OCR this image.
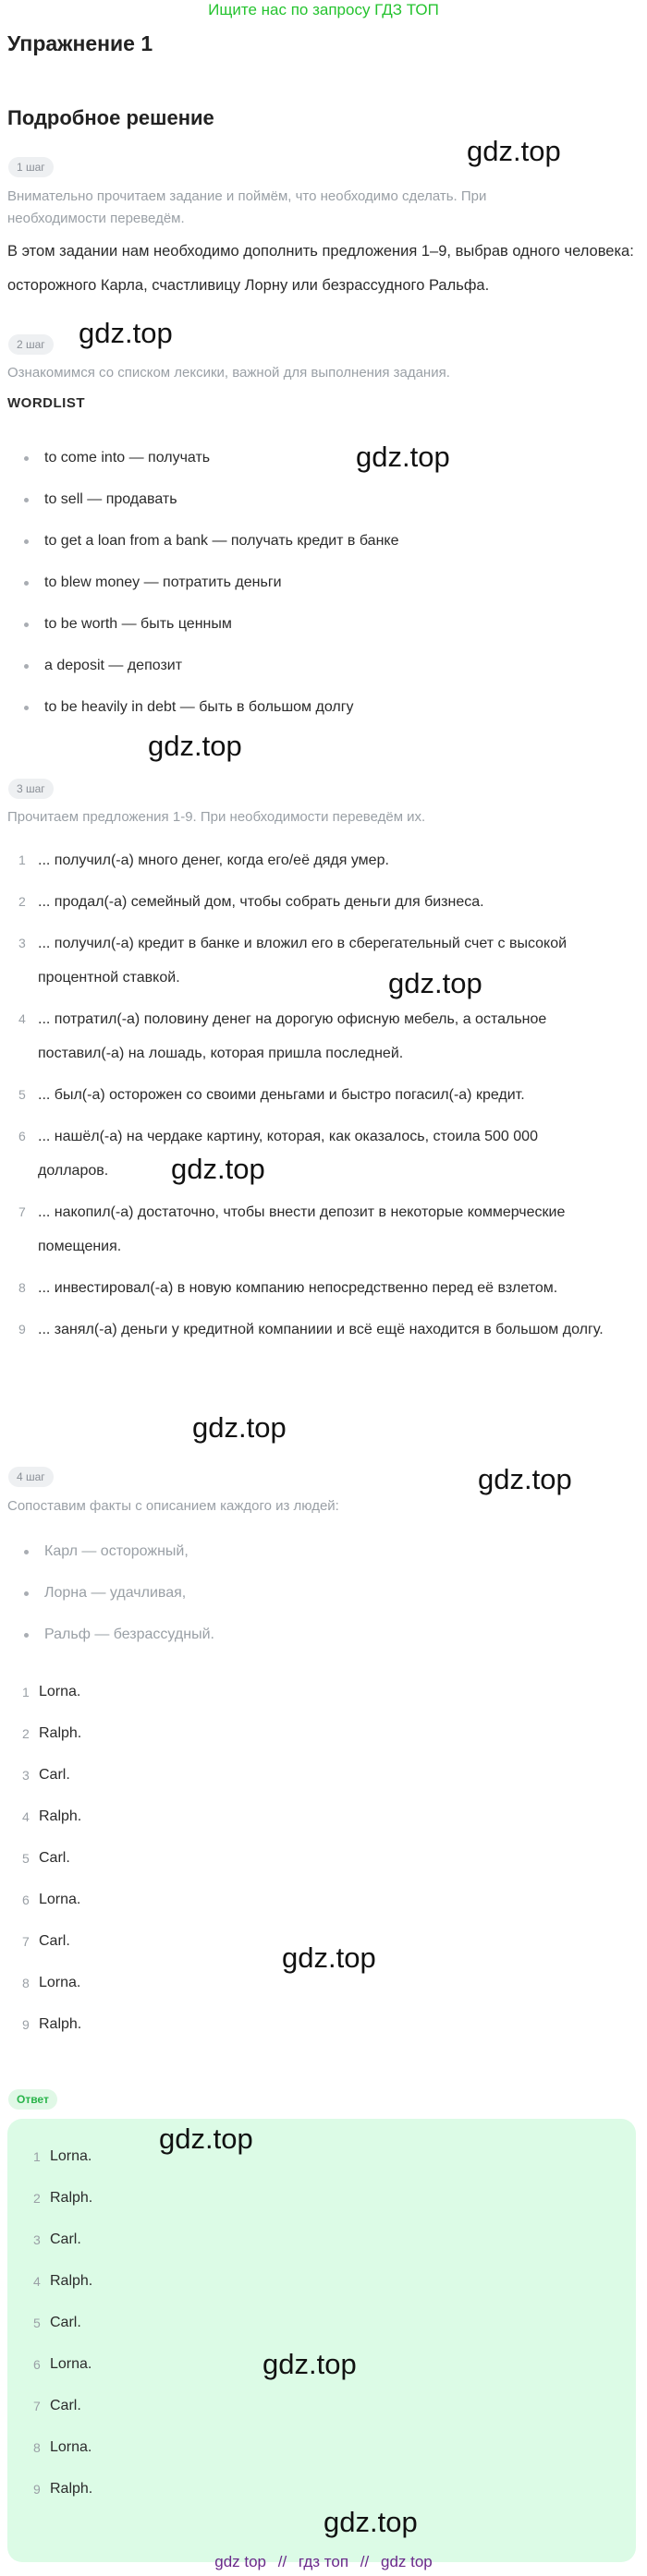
Ищите нас по запросу ГДЗ ТОП
Упражнение 1
Подробное решение
1 шаг
Внимательно прочитаем задание и поймём, что необходимо сделать. При необходимости переведём.
В этом задании нам необходимо дополнить предложения 1–9, выбрав одного человека: осторожного Карла, счастливицу Лорну или безрассудного Ральфа.
2 шаг
Ознакомимся со списком лексики, важной для выполнения задания.
WORDLIST
to come into — получать
to sell — продавать
to get a loan from a bank — получать кредит в банке
to blew money — потратить деньги
to be worth — быть ценным
a deposit — депозит
to be heavily in debt — быть в большом долгу
3 шаг
Прочитаем предложения 1-9. При необходимости переведём их.
1 ... получил(-а) много денег, когда его/её дядя умер.
2 ... продал(-а) семейный дом, чтобы собрать деньги для бизнеса.
3 ... получил(-а) кредит в банке и вложил его в сберегательный счет с высокой процентной ставкой.
4 ... потратил(-а) половину денег на дорогую офисную мебель, а остальное поставил(-а) на лошадь, которая пришла последней.
5 ... был(-а) осторожен со своими деньгами и быстро погасил(-а) кредит.
6 ... нашёл(-а) на чердаке картину, которая, как оказалось, стоила 500 000 долларов.
7 ... накопил(-а) достаточно, чтобы внести депозит в некоторые коммерческие помещения.
8 ... инвестировал(-а) в новую компанию непосредственно перед её взлетом.
9 ... занял(-а) деньги у кредитной компаниии и всё ещё находится в большом долгу.
4 шаг
Сопоставим факты с описанием каждого из людей:
Карл — осторожный,
Лорна — удачливая,
Ральф — безрассудный.
1 Lorna.
2 Ralph.
3 Carl.
4 Ralph.
5 Carl.
6 Lorna.
7 Carl.
8 Lorna.
9 Ralph.
Ответ
1 Lorna.
2 Ralph.
3 Carl.
4 Ralph.
5 Carl.
6 Lorna.
7 Carl.
8 Lorna.
9 Ralph.
gdz.top
gdz.top
gdz.top
gdz.top
gdz.top
gdz.top
gdz.top
gdz.top
gdz.top
gdz.top
gdz.top
gdz.top
gdz top // гдз топ // gdz top
